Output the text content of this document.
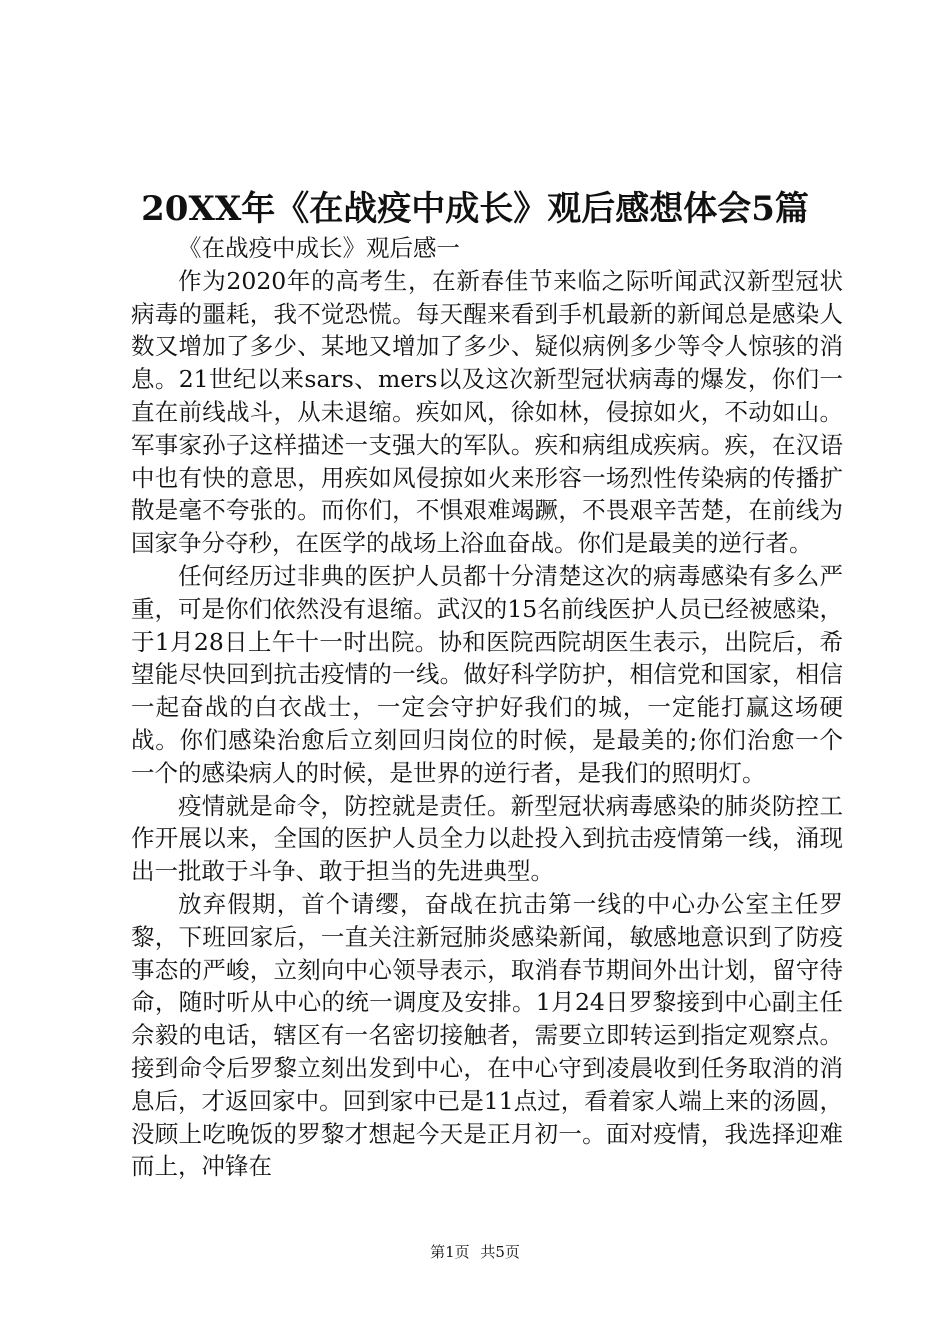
20XX年《在战疫中成长》观后感想体会5篇

《在战疫中成长》观后感一

作为2020年的高考生，在新春佳节来临之际听闻武汉新型冠状病毒的噩耗，我不觉恐慌。每天醒来看到手机最新的新闻总是感染人数又增加了多少、某地又增加了多少、疑似病例多少等令人惊骇的消息。21世纪以来sars、mers以及这次新型冠状病毒的爆发，你们一直在前线战斗，从未退缩。疾如风，徐如林，侵掠如火，不动如山。军事家孙子这样描述一支强大的军队。疾和病组成疾病。疾，在汉语中也有快的意思，用疾如风侵掠如火来形容一场烈性传染病的传播扩散是毫不夸张的。而你们，不惧艰难竭蹶，不畏艰辛苦楚，在前线为国家争分夺秒，在医学的战场上浴血奋战。你们是最美的逆行者。

任何经历过非典的医护人员都十分清楚这次的病毒感染有多么严重，可是你们依然没有退缩。武汉的15名前线医护人员已经被感染，于1月28日上午十一时出院。协和医院西院胡医生表示，出院后，希望能尽快回到抗击疫情的一线。做好科学防护，相信党和国家，相信一起奋战的白衣战士，一定会守护好我们的城，一定能打赢这场硬战。你们感染治愈后立刻回归岗位的时候，是最美的;你们治愈一个一个的感染病人的时候，是世界的逆行者，是我们的照明灯。

疫情就是命令，防控就是责任。新型冠状病毒感染的肺炎防控工作开展以来，全国的医护人员全力以赴投入到抗击疫情第一线，涌现出一批敢于斗争、敢于担当的先进典型。

放弃假期，首个请缨，奋战在抗击第一线的中心办公室主任罗黎，下班回家后，一直关注新冠肺炎感染新闻，敏感地意识到了防疫事态的严峻，立刻向中心领导表示，取消春节期间外出计划，留守待命，随时听从中心的统一调度及安排。1月24日罗黎接到中心副主任佘毅的电话，辖区有一名密切接触者，需要立即转运到指定观察点。接到命令后罗黎立刻出发到中心，在中心守到凌晨收到任务取消的消息后，才返回家中。回到家中已是11点过，看着家人端上来的汤圆，没顾上吃晚饭的罗黎才想起今天是正月初一。面对疫情，我选择迎难而上，冲锋在

第1页 共5页
